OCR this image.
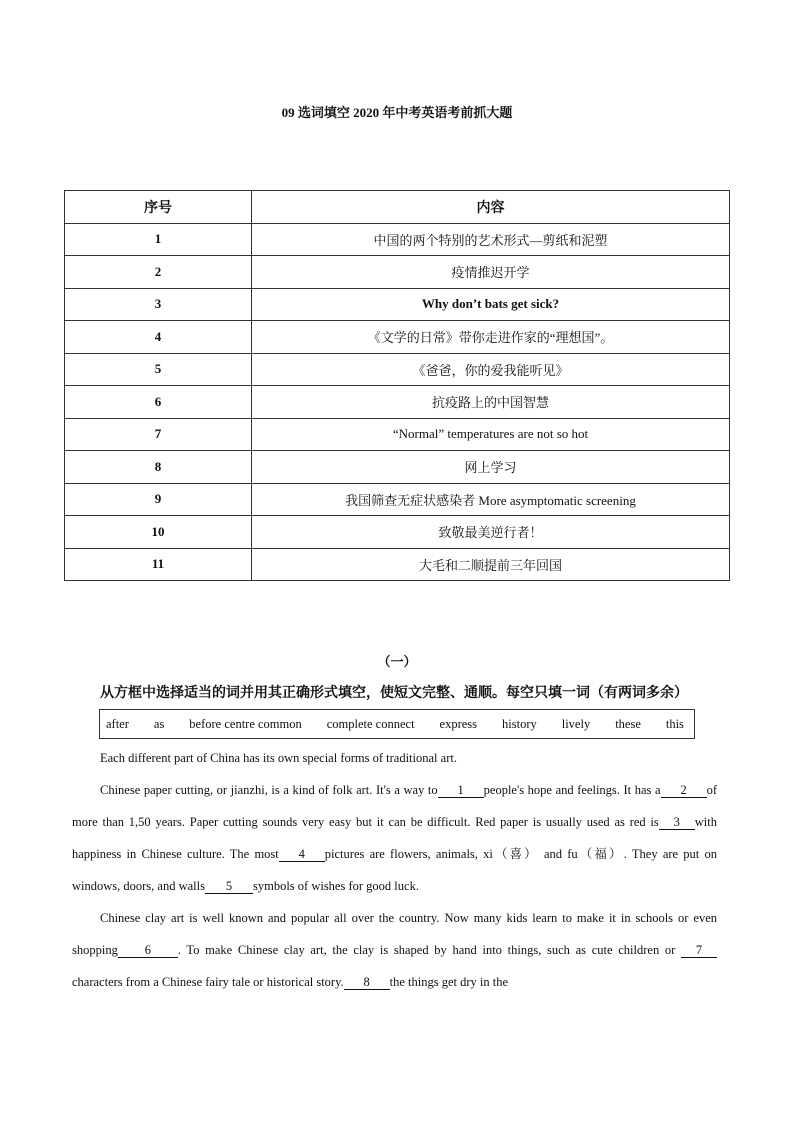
09 选词填空 2020 年中考英语考前抓大题
序号	内容
1	中国的两个特别的艺术形式—剪纸和泥塑
2	疫情推迟开学
3	Why don’t bats get sick?
4	《文学的日常》带你走进作家的“理想国”。
5	《爸爸，你的爱我能听见》
6	抗疫路上的中国智慧
7	“Normal” temperatures are not so hot
8	网上学习
9	我国筛查无症状感染者 More asymptomatic screening
10	致敬最美逆行者！
11	大毛和二顺提前三年回国
（一）
从方框中选择适当的词并用其正确形式填空，使短文完整、通顺。每空只填一词（有两词多余）
after as before centre common complete connect express history lively these this

Each different part of China has its own special forms of traditional art.

Chinese paper cutting, or jianzhi, is a kind of folk art. It's a way to 1 people's hope and feelings. It has a 2 of more than 1,50 years. Paper cutting sounds very easy but it can be difficult. Red paper is usually used as red is 3 with happiness in Chinese culture. The most 4 pictures are flowers, animals, xi（喜） and fu（福）. They are put on windows, doors, and walls 5 symbols of wishes for good luck.

Chinese clay art is well known and popular all over the country. Now many kids learn to make it in schools or even shopping 6 . To make Chinese clay art, the clay is shaped by hand into things, such as cute children or 7characters from a Chinese fairy tale or historical story. 8 the things get dry in the
